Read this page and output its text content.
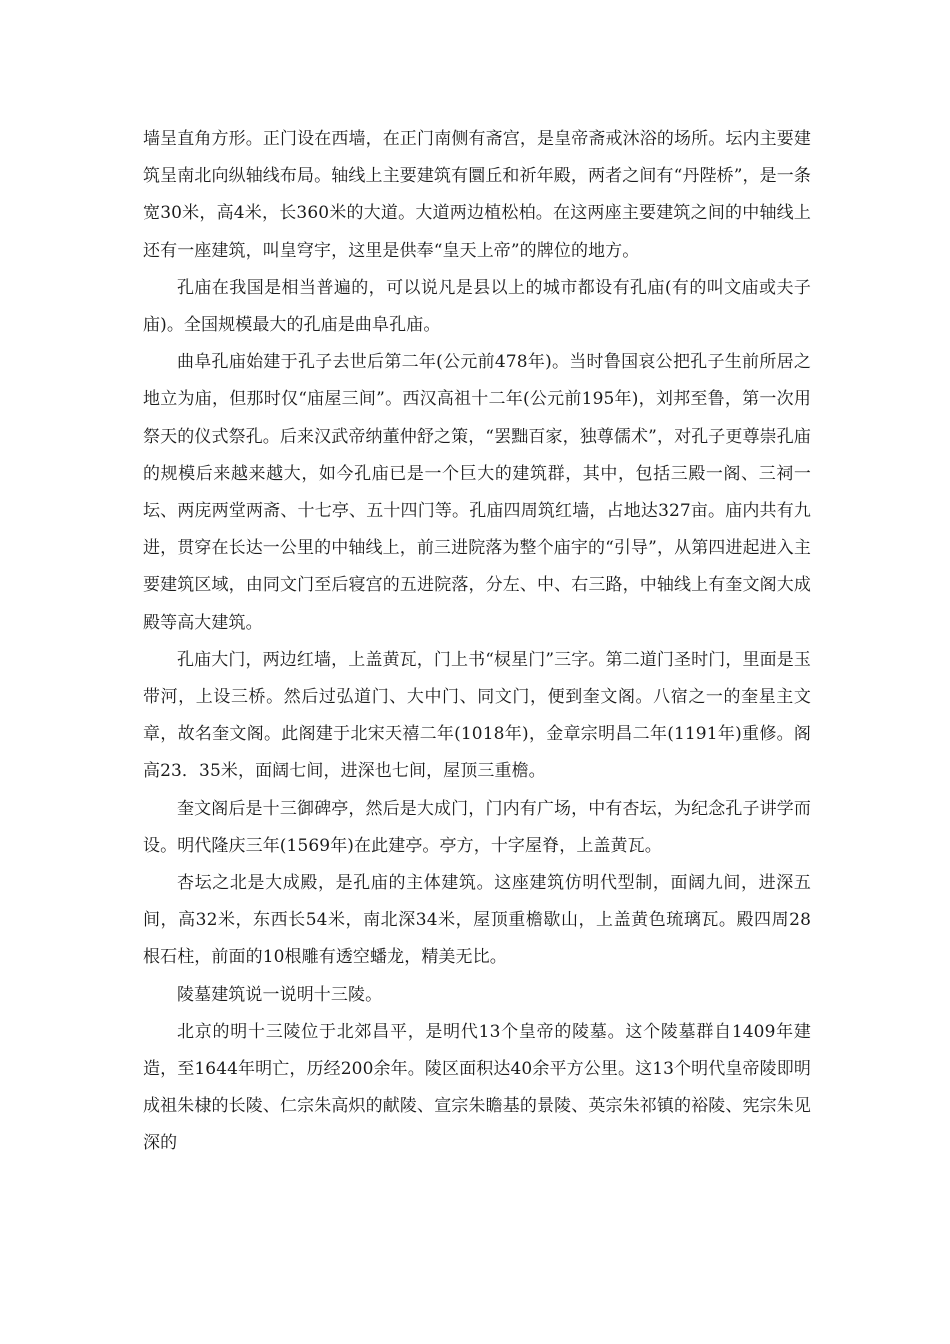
墙呈直角方形。正门设在西墙，在正门南侧有斋宫，是皇帝斋戒沐浴的场所。坛内主要建筑呈南北向纵轴线布局。轴线上主要建筑有圜丘和祈年殿，两者之间有“丹陛桥”，是一条宽30米，高4米，长360米的大道。大道两边植松柏。在这两座主要建筑之间的中轴线上还有一座建筑，叫皇穹宇，这里是供奉“皇天上帝”的牌位的地方。

孔庙在我国是相当普遍的，可以说凡是县以上的城市都设有孔庙(有的叫文庙或夫子庙)。全国规模最大的孔庙是曲阜孔庙。

曲阜孔庙始建于孔子去世后第二年(公元前478年)。当时鲁国哀公把孔子生前所居之地立为庙，但那时仅“庙屋三间”。西汉高祖十二年(公元前195年)，刘邦至鲁，第一次用祭天的仪式祭孔。后来汉武帝纳董仲舒之策，“罢黜百家，独尊儒术”，对孔子更尊崇孔庙的规模后来越来越大，如今孔庙已是一个巨大的建筑群，其中，包括三殿一阁、三祠一坛、两庑两堂两斋、十七亭、五十四门等。孔庙四周筑红墙，占地达327亩。庙内共有九进，贯穿在长达一公里的中轴线上，前三进院落为整个庙宇的“引导”，从第四进起进入主要建筑区域，由同文门至后寝宫的五进院落，分左、中、右三路，中轴线上有奎文阁大成殿等高大建筑。

孔庙大门，两边红墙，上盖黄瓦，门上书“棂星门”三字。第二道门圣时门，里面是玉带河，上设三桥。然后过弘道门、大中门、同文门，便到奎文阁。八宿之一的奎星主文章，故名奎文阁。此阁建于北宋天禧二年(1018年)，金章宗明昌二年(1191年)重修。阁高23．35米，面阔七间，进深也七间，屋顶三重檐。

奎文阁后是十三御碑亭，然后是大成门，门内有广场，中有杏坛，为纪念孔子讲学而设。明代隆庆三年(1569年)在此建亭。亭方，十字屋脊，上盖黄瓦。

杏坛之北是大成殿，是孔庙的主体建筑。这座建筑仿明代型制，面阔九间，进深五间，高32米，东西长54米，南北深34米，屋顶重檐歇山，上盖黄色琉璃瓦。殿四周28根石柱，前面的10根雕有透空蟠龙，精美无比。

陵墓建筑说一说明十三陵。

北京的明十三陵位于北郊昌平，是明代13个皇帝的陵墓。这个陵墓群自1409年建造，至1644年明亡，历经200余年。陵区面积达40余平方公里。这13个明代皇帝陵即明成祖朱棣的长陵、仁宗朱高炽的献陵、宣宗朱瞻基的景陵、英宗朱祁镇的裕陵、宪宗朱见深的
